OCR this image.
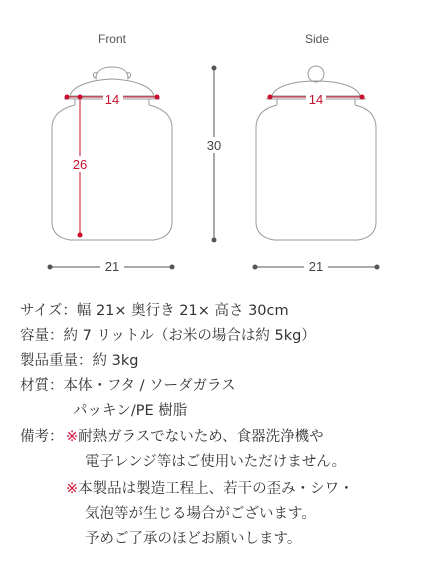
Front	Side
14
26
21
30
14
21
サイズ：幅 21× 奥行き 21× 高さ 30cm
容量：約 7 リットル（お米の場合は約 5kg）
製品重量：約 3kg
材質：本体・フタ / ソーダガラス
パッキン/PE 樹脂
備考： ※耐熱ガラスでないため、食器洗浄機や
電子レンジ等はご使用いただけません。
※本製品は製造工程上、若干の歪み・シワ・
気泡等が生じる場合がございます。
予めご了承のほどお願いします。
